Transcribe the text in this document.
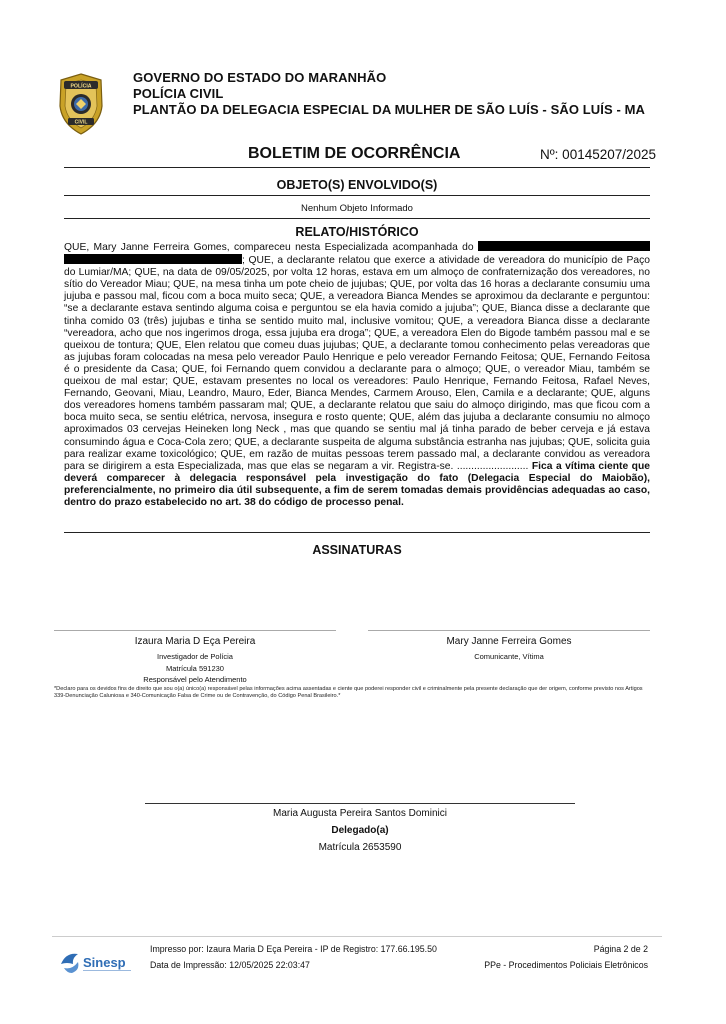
POLÍCIA
CIVIL
GOVERNO DO ESTADO DO MARANHÃO
POLÍCIA CIVIL
PLANTÃO DA DELEGACIA ESPECIAL DA MULHER DE SÃO LUÍS - SÃO LUÍS - MA
BOLETIM DE OCORRÊNCIA	Nº: 00145207/2025
OBJETO(S) ENVOLVIDO(S)
Nenhum Objeto Informado
RELATO/HISTÓRICO
QUE, Mary Janne Ferreira Gomes, compareceu nesta Especializada acompanhada do  ; QUE, a declarante relatou que exerce a atividade de vereadora do município de Paço do Lumiar/MA; QUE, na data de 09/05/2025, por volta 12 horas, estava em um almoço de confraternização dos vereadores, no sítio do Vereador Miau; QUE, na mesa tinha um pote cheio de jujubas; QUE, por volta das 16 horas a declarante consumiu uma jujuba e passou mal, ficou com a boca muito seca; QUE, a vereadora Bianca Mendes se aproximou da declarante e perguntou: “se a declarante estava sentindo alguma coisa e perguntou se ela havia comido a jujuba”; QUE, Bianca disse a declarante que tinha comido 03 (três) jujubas e tinha se sentido muito mal, inclusive vomitou; QUE, a vereadora Bianca disse a declarante “vereadora, acho que nos ingerimos droga, essa jujuba era droga”; QUE, a vereadora Elen do Bigode também passou mal e se queixou de tontura; QUE, Elen relatou que comeu duas jujubas; QUE, a declarante tomou conhecimento pelas vereadoras que as jujubas foram colocadas na mesa pelo vereador Paulo Henrique e pelo vereador Fernando Feitosa; QUE, Fernando Feitosa é o presidente da Casa; QUE, foi Fernando quem convidou a declarante para o almoço; QUE, o vereador Miau, também se queixou de mal estar; QUE, estavam presentes no local os vereadores: Paulo Henrique, Fernando Feitosa, Rafael Neves, Fernando, Geovani, Miau, Leandro, Mauro, Eder, Bianca Mendes, Carmem Arouso, Elen, Camila e a declarante; QUE, alguns dos vereadores homens também passaram mal; QUE, a declarante relatou que saiu do almoço dirigindo, mas que ficou com a boca muito seca, se sentiu elétrica, nervosa, insegura e rosto quente; QUE, além das jujuba a declarante consumiu no almoço aproximados 03 cervejas Heineken long Neck , mas que quando se sentiu mal já tinha parado de beber cerveja e já estava consumindo água e Coca-Cola zero; QUE, a declarante suspeita de alguma substância estranha nas jujubas; QUE, solicita guia para realizar exame toxicológico; QUE, em razão de muitas pessoas terem passado mal, a declarante convidou as vereadora para se dirigirem a esta Especializada, mas que elas se negaram a vir. Registra-se. ......................... Fica a vítima ciente que deverá comparecer à delegacia responsável pela investigação do fato (Delegacia Especial do Maiobão), preferencialmente, no primeiro dia útil subsequente, a fim de serem tomadas demais providências adequadas ao caso, dentro do prazo estabelecido no art. 38 do código de processo penal.
ASSINATURAS
Izaura Maria D Eça Pereira
Investigador de Polícia
Matrícula 591230
Responsável pelo Atendimento
Mary Janne Ferreira Gomes
Comunicante, Vítima
*Declaro para os devidos fins de direito que sou o(a) único(a) responsável pelas informações acima assentadas e ciente que poderei responder civil e criminalmente pela presente declaração que der origem, conforme previsto nos Artigos 339-Denunciação Caluniosa e 340-Comunicação Falsa de Crime ou de Contravenção, do Código Penal Brasileiro.*
Maria Augusta Pereira Santos Dominici
Delegado(a)
Matrícula 2653590
Sinesp
Impresso por: Izaura Maria D Eça Pereira - IP de Registro: 177.66.195.50
Data de Impressão: 12/05/2025 22:03:47
Página 2 de 2
PPe - Procedimentos Policiais Eletrônicos
